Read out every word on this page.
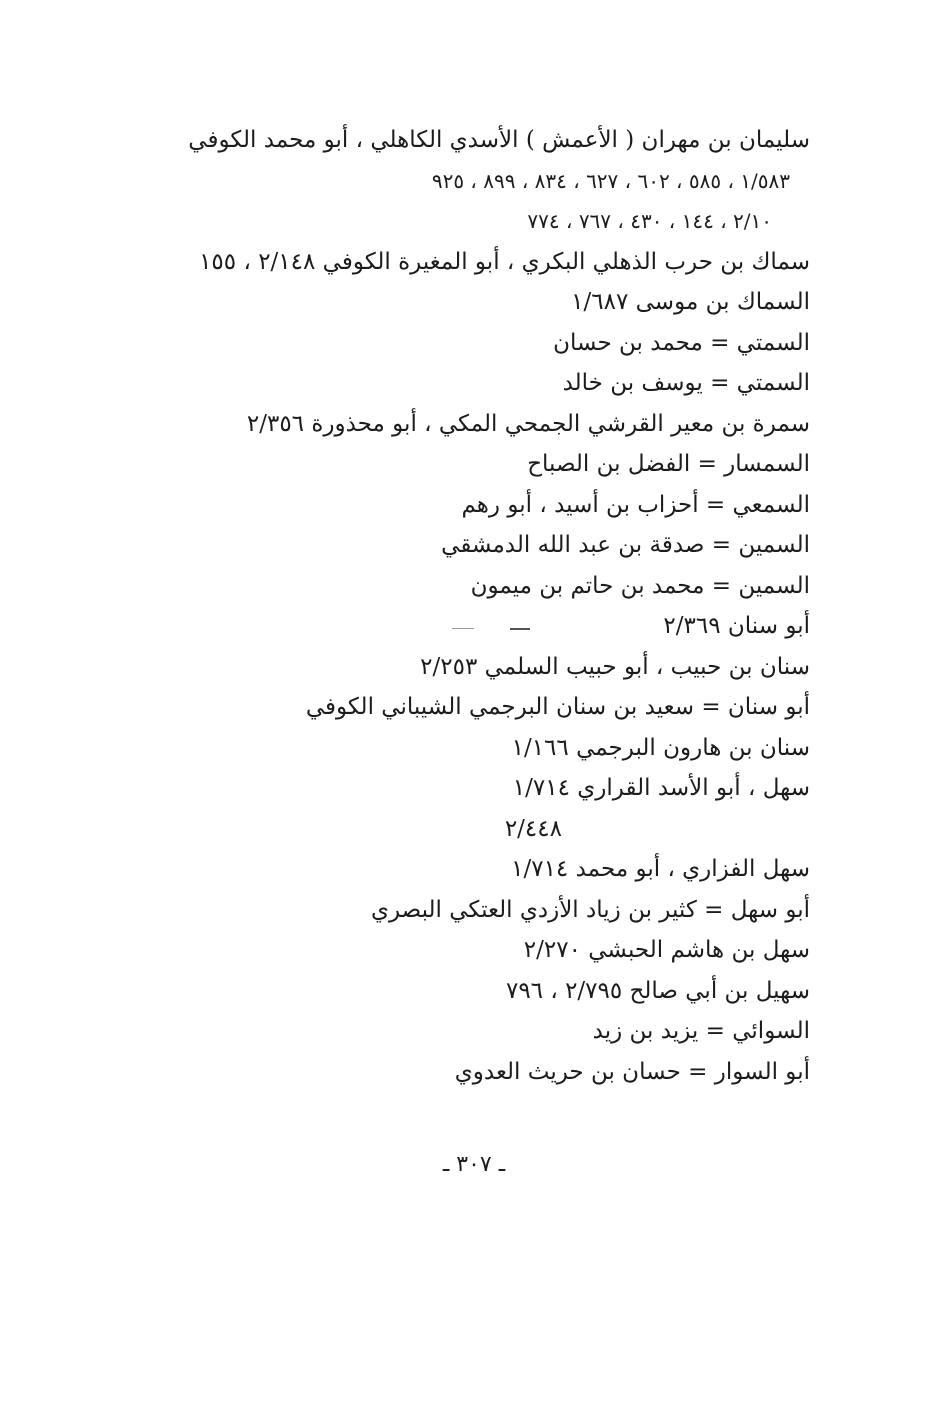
سليمان بن مهران ( الأعمش ) الأسدي الكاهلي ، أبو محمد الكوفي
١/٥٨٣ ، ٥٨٥ ، ٦٠٢ ، ٦٢٧ ، ٨٣٤ ، ٨٩٩ ، ٩٢٥
٢/١٠ ، ١٤٤ ، ٤٣٠ ، ٧٦٧ ، ٧٧٤
سماك بن حرب الذهلي البكري ، أبو المغيرة الكوفي ٢/١٤٨ ، ١٥٥
السماك بن موسى ١/٦٨٧
السمتي = محمد بن حسان
السمتي = يوسف بن خالد
سمرة بن معير القرشي الجمحي المكي ، أبو محذورة ٢/٣٥٦
السمسار = الفضل بن الصباح
السمعي = أحزاب بن أسيد ، أبو رهم
السمين = صدقة بن عبد الله الدمشقي
السمين = محمد بن حاتم بن ميمون
أبو سنان ٢/٣٦٩
سنان بن حبيب ، أبو حبيب السلمي ٢/٢٥٣
أبو سنان = سعيد بن سنان البرجمي الشيباني الكوفي
سنان بن هارون البرجمي ١/١٦٦
سهل ، أبو الأسد القراري ١/٧١٤
٢/٤٤٨
سهل الفزاري ، أبو محمد ١/٧١٤
أبو سهل = كثير بن زياد الأزدي العتكي البصري
سهل بن هاشم الحبشي ٢/٢٧٠
سهيل بن أبي صالح ٢/٧٩٥ ، ٧٩٦
السوائي = يزيد بن زيد
أبو السوار = حسان بن حريث العدوي
ـ ٣٠٧ ـ
